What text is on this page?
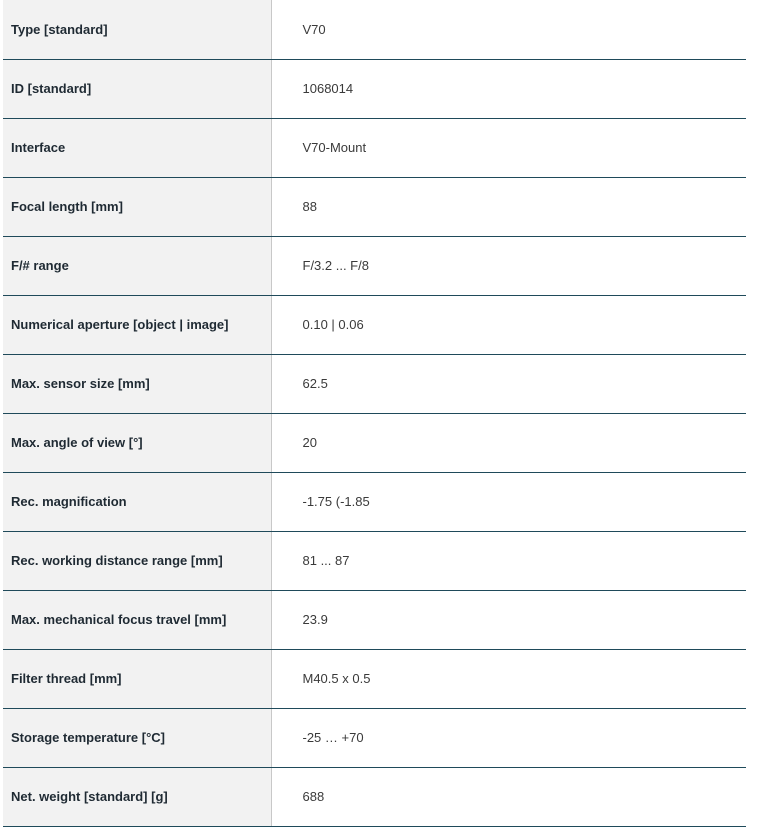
Type [standard]	V70
ID [standard]	1068014
Interface	V70-Mount
Focal length [mm]	88
F/# range	F/3.2 ... F/8
Numerical aperture [object | image]	0.10 | 0.06
Max. sensor size [mm]	62.5
Max. angle of view [°]	20
Rec. magnification	-1.75 (-1.85
Rec. working distance range [mm]	81 ... 87
Max. mechanical focus travel [mm]	23.9
Filter thread [mm]	M40.5 x 0.5
Storage temperature [°C]	-25 … +70
Net. weight [standard] [g]	688
